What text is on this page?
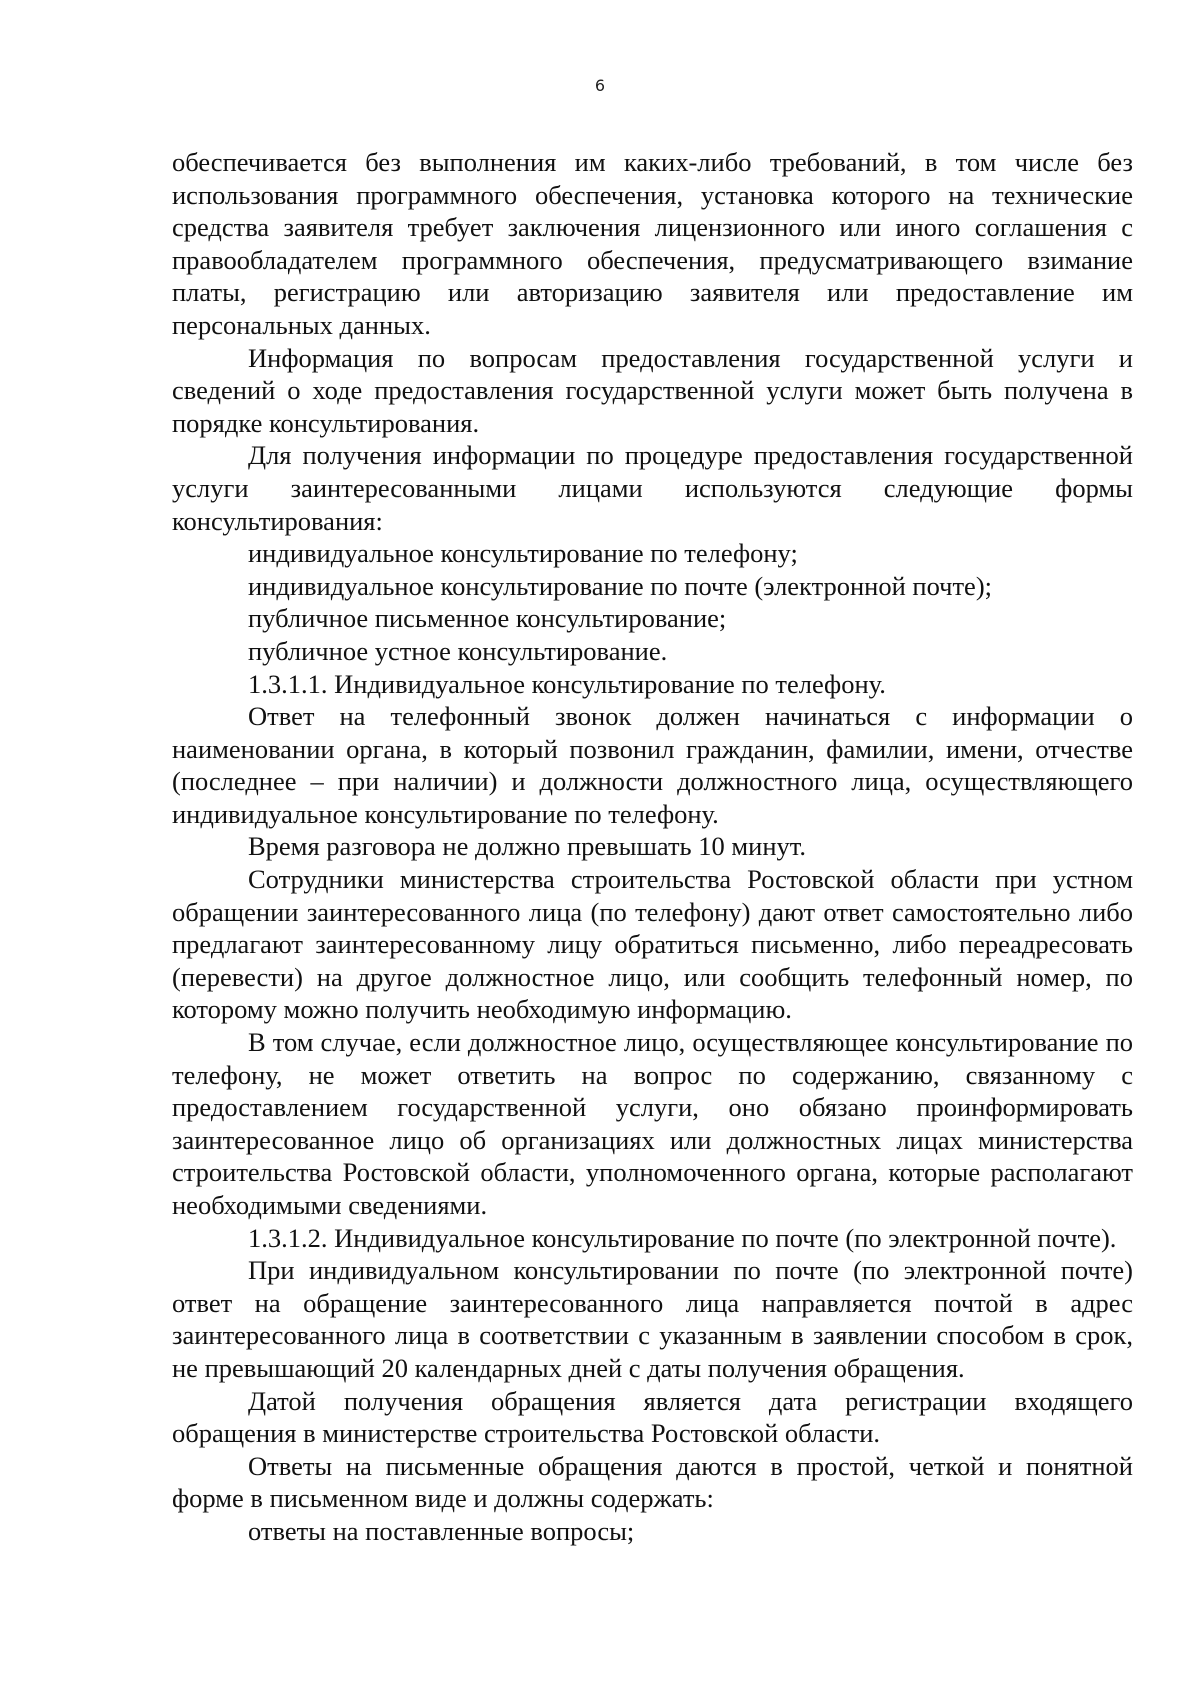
6

обеспечивается без выполнения им каких-либо требований, в том числе без использования программного обеспечения, установка которого на технические средства заявителя требует заключения лицензионного или иного соглашения с правообладателем программного обеспечения, предусматривающего взимание платы, регистрацию или авторизацию заявителя или предоставление им персональных данных.

Информация по вопросам предоставления государственной услуги и сведений о ходе предоставления государственной услуги может быть получена в порядке консультирования.

Для получения информации по процедуре предоставления государственной услуги заинтересованными лицами используются следующие формы консультирования:

индивидуальное консультирование по телефону;

индивидуальное консультирование по почте (электронной почте);

публичное письменное консультирование;

публичное устное консультирование.

1.3.1.1. Индивидуальное консультирование по телефону.

Ответ на телефонный звонок должен начинаться с информации о наименовании органа, в который позвонил гражданин, фамилии, имени, отчестве (последнее – при наличии) и должности должностного лица, осуществляющего индивидуальное консультирование по телефону.

Время разговора не должно превышать 10 минут.

Сотрудники министерства строительства Ростовской области при устном обращении заинтересованного лица (по телефону) дают ответ самостоятельно либо предлагают заинтересованному лицу обратиться письменно, либо переадресовать (перевести) на другое должностное лицо, или сообщить телефонный номер, по которому можно получить необходимую информацию.

В том случае, если должностное лицо, осуществляющее консультирование по телефону, не может ответить на вопрос по содержанию, связанному с предоставлением государственной услуги, оно обязано проинформировать заинтересованное лицо об организациях или должностных лицах министерства строительства Ростовской области, уполномоченного органа, которые располагают необходимыми сведениями.

1.3.1.2. Индивидуальное консультирование по почте (по электронной почте).

При индивидуальном консультировании по почте (по электронной почте) ответ на обращение заинтересованного лица направляется почтой в адрес заинтересованного лица в соответствии с указанным в заявлении способом в срок, не превышающий 20 календарных дней с даты получения обращения.

Датой получения обращения является дата регистрации входящего обращения в министерстве строительства Ростовской области.

Ответы на письменные обращения даются в простой, четкой и понятной форме в письменном виде и должны содержать:

ответы на поставленные вопросы;
